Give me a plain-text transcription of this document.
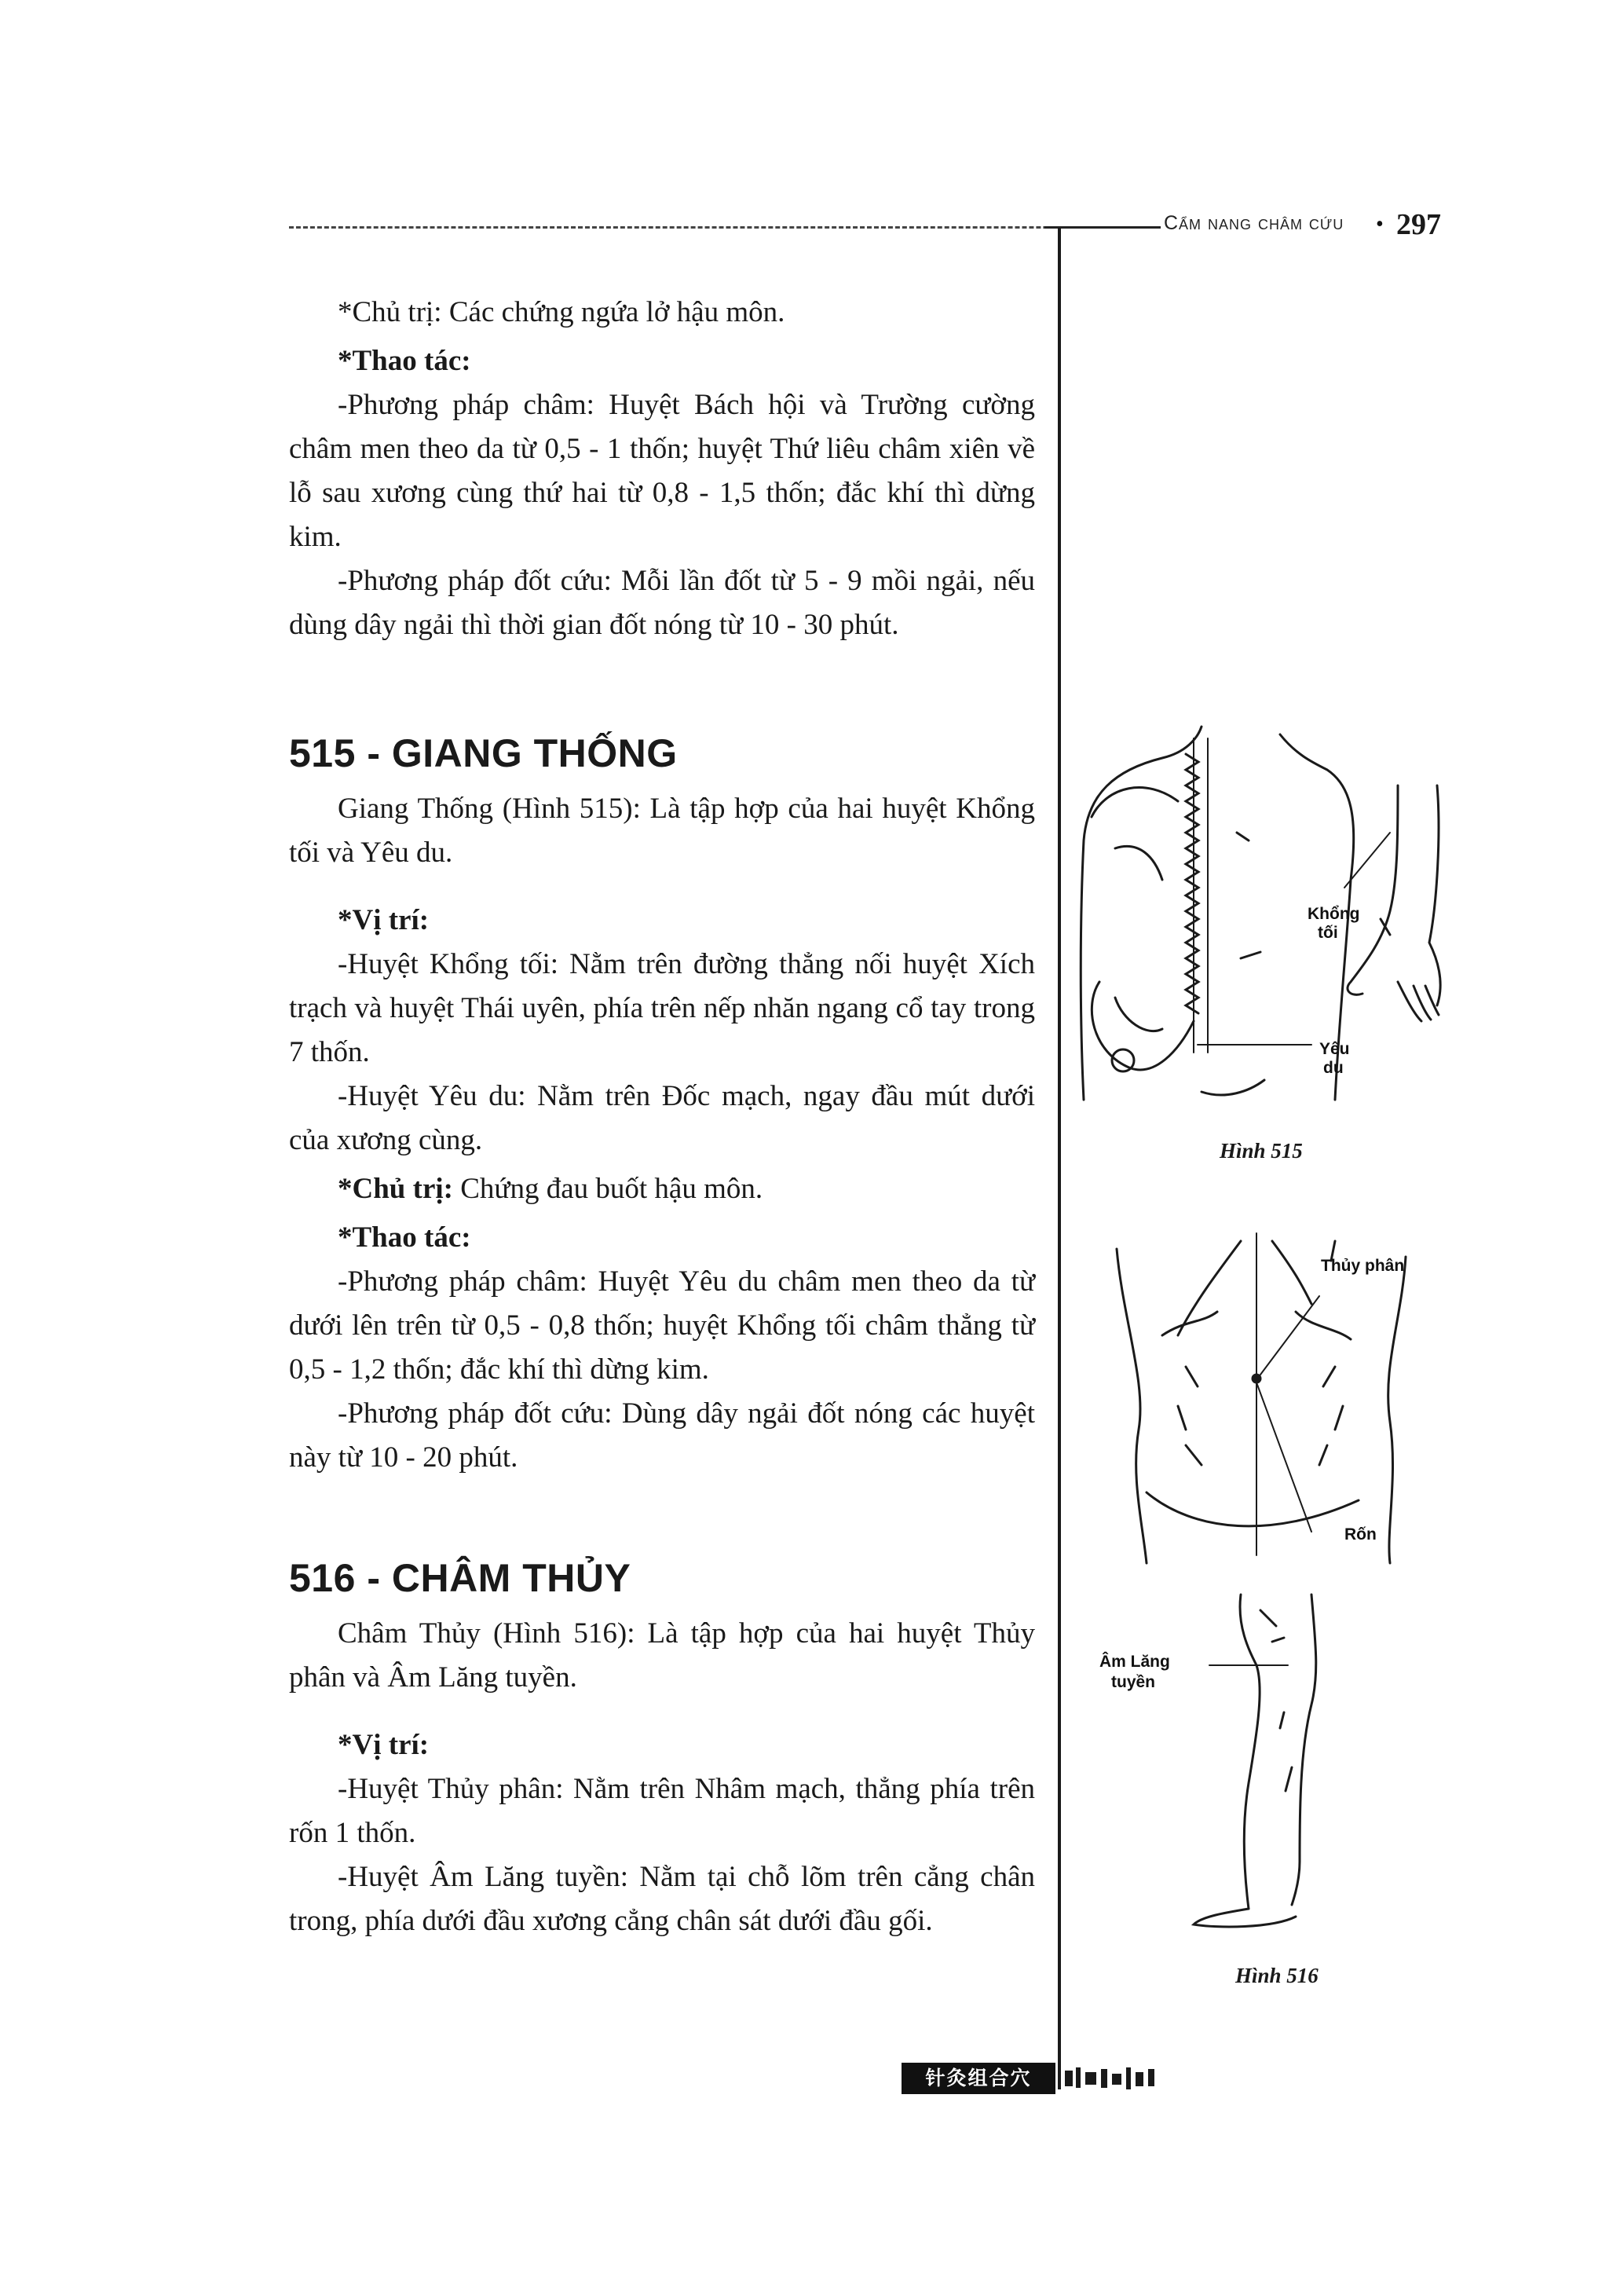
Cẩm nang châm cứu • 297

*Chủ trị: Các chứng ngứa lở hậu môn.

*Thao tác:

-Phương pháp châm: Huyệt Bách hội và Trường cường châm men theo da từ 0,5 - 1 thốn; huyệt Thứ liêu châm xiên về lỗ sau xương cùng thứ hai từ 0,8 - 1,5 thốn; đắc khí thì dừng kim.

-Phương pháp đốt cứu: Mỗi lần đốt từ 5 - 9 mồi ngải, nếu dùng dây ngải thì thời gian đốt nóng từ 10 - 30 phút.

515 - GIANG THỐNG

Giang Thống (Hình 515): Là tập hợp của hai huyệt Khổng tối và Yêu du.

*Vị trí:

-Huyệt Khổng tối: Nằm trên đường thẳng nối huyệt Xích trạch và huyệt Thái uyên, phía trên nếp nhăn ngang cổ tay trong 7 thốn.

-Huyệt Yêu du: Nằm trên Đốc mạch, ngay đầu mút dưới của xương cùng.

*Chủ trị: Chứng đau buốt hậu môn.

*Thao tác:

-Phương pháp châm: Huyệt Yêu du châm men theo da từ dưới lên trên từ 0,5 - 0,8 thốn; huyệt Khổng tối châm thẳng từ 0,5 - 1,2 thốn; đắc khí thì dừng kim.

-Phương pháp đốt cứu: Dùng dây ngải đốt nóng các huyệt này từ 10 - 20 phút.

516 - CHÂM THỦY

Châm Thủy (Hình 516): Là tập hợp của hai huyệt Thủy phân và Âm Lăng tuyền.

*Vị trí:

-Huyệt Thủy phân: Nằm trên Nhâm mạch, thẳng phía trên rốn 1 thốn.

-Huyệt Âm Lăng tuyền: Nằm tại chỗ lõm trên cẳng chân trong, phía dưới đầu xương cẳng chân sát dưới đầu gối.

Khổng
tối
Yêu
du
Hình 515
Thủy phân
Rốn
Âm Lăng
tuyền
Hình 516
针灸组合穴
